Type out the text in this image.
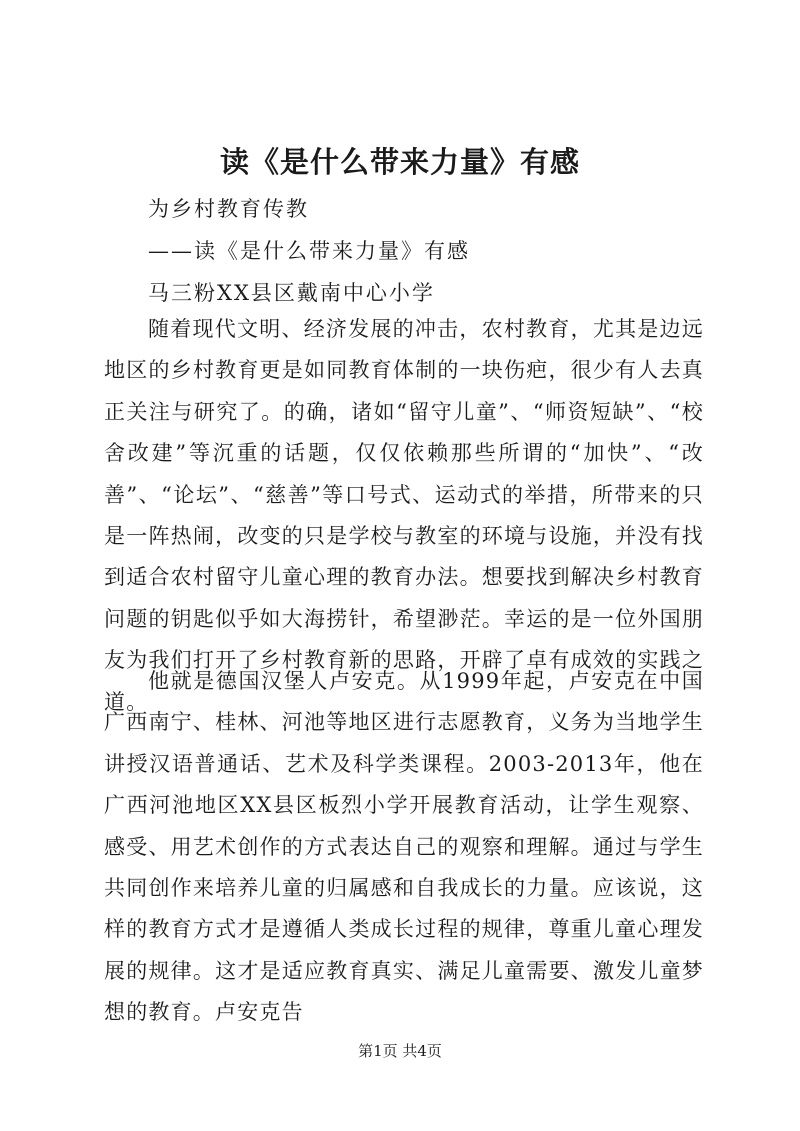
读《是什么带来力量》有感
为乡村教育传教
——读《是什么带来力量》有感
马三粉XX县区戴南中心小学

随着现代文明、经济发展的冲击，农村教育，尤其是边远地区的乡村教育更是如同教育体制的一块伤疤，很少有人去真正关注与研究了。的确，诸如“留守儿童”、“师资短缺”、“校舍改建”等沉重的话题，仅仅依赖那些所谓的“加快”、“改善”、“论坛”、“慈善”等口号式、运动式的举措，所带来的只是一阵热闹，改变的只是学校与教室的环境与设施，并没有找到适合农村留守儿童心理的教育办法。想要找到解决乡村教育问题的钥匙似乎如大海捞针，希望渺茫。幸运的是一位外国朋友为我们打开了乡村教育新的思路，开辟了卓有成效的实践之道。

他就是德国汉堡人卢安克。从1999年起，卢安克在中国广西南宁、桂林、河池等地区进行志愿教育，义务为当地学生讲授汉语普通话、艺术及科学类课程。2003-2013年，他在广西河池地区XX县区板烈小学开展教育活动，让学生观察、感受、用艺术创作的方式表达自己的观察和理解。通过与学生共同创作来培养儿童的归属感和自我成长的力量。应该说，这样的教育方式才是遵循人类成长过程的规律，尊重儿童心理发展的规律。这才是适应教育真实、满足儿童需要、激发儿童梦想的教育。卢安克告

第1页 共4页
